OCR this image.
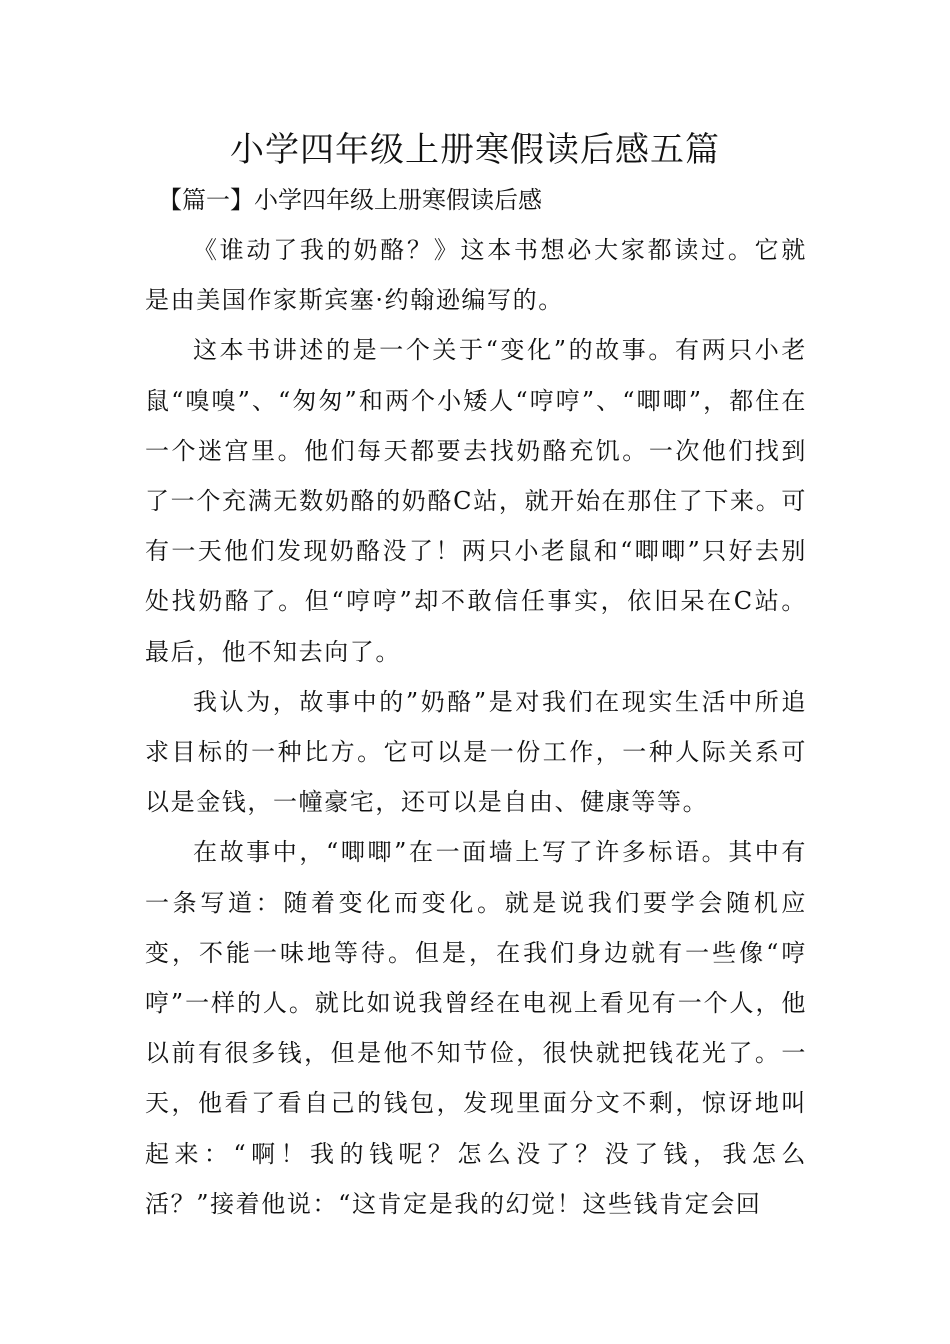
小学四年级上册寒假读后感五篇

【篇一】小学四年级上册寒假读后感

《谁动了我的奶酪？》这本书想必大家都读过。它就是由美国作家斯宾塞·约翰逊编写的。

这本书讲述的是一个关于“变化”的故事。有两只小老鼠“嗅嗅”、“匆匆”和两个小矮人“哼哼”、“唧唧”，都住在一个迷宫里。他们每天都要去找奶酪充饥。一次他们找到了一个充满无数奶酪的奶酪C站，就开始在那住了下来。可有一天他们发现奶酪没了！两只小老鼠和“唧唧”只好去别处找奶酪了。但“哼哼”却不敢信任事实，依旧呆在C站。最后，他不知去向了。

我认为，故事中的”奶酪”是对我们在现实生活中所追求目标的一种比方。它可以是一份工作，一种人际关系可以是金钱，一幢豪宅，还可以是自由、健康等等。

在故事中，“唧唧”在一面墙上写了许多标语。其中有一条写道：随着变化而变化。就是说我们要学会随机应变，不能一味地等待。但是，在我们身边就有一些像“哼哼”一样的人。就比如说我曾经在电视上看见有一个人，他以前有很多钱，但是他不知节俭，很快就把钱花光了。一天，他看了看自己的钱包，发现里面分文不剩，惊讶地叫起来：“啊！我的钱呢？怎么没了？没了钱，我怎么活？”接着他说：“这肯定是我的幻觉！这些钱肯定会回
